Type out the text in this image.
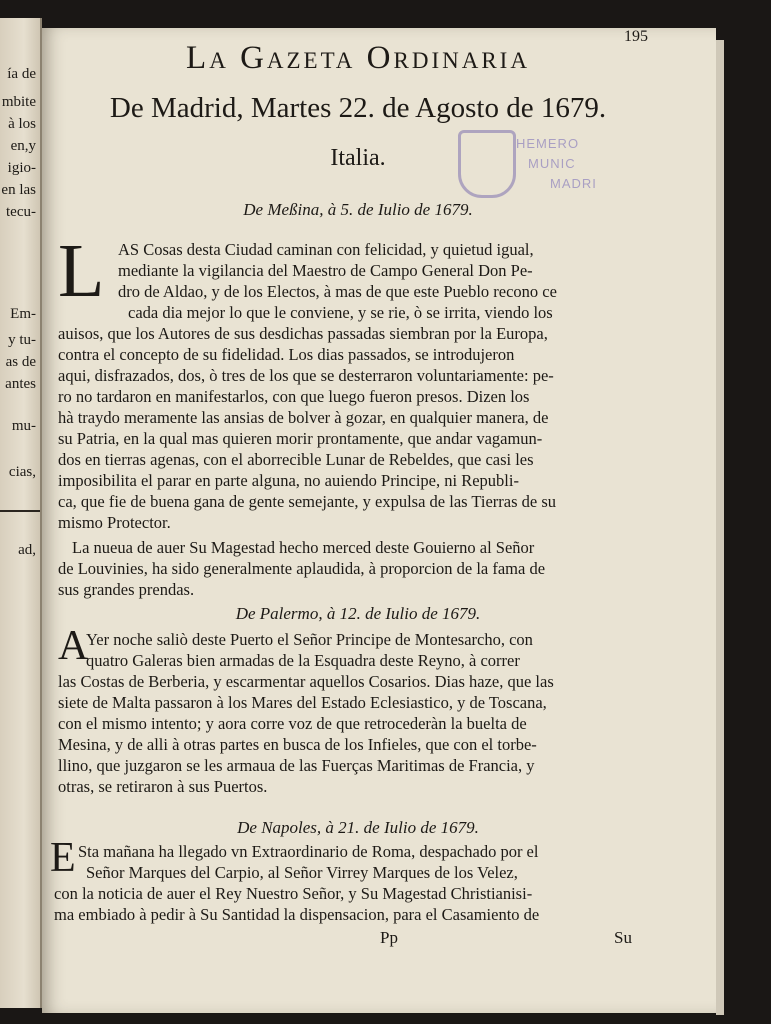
ía de
mbite
à los
en,y
igio-
en las
tecu-
Em-
y tu-
as de
antes
mu-
cias,
ad,
195
La Gazeta Ordinaria
De Madrid, Martes 22. de Agosto de 1679.
Italia.
HEMERO
MUNIC
MADRI
De Meßina, à 5. de Iulio de 1679.
L AS Cosas desta Ciudad caminan con felicidad, y quietud igual,
mediante la vigilancia del Maestro de Campo General Don Pe-
dro de Aldao, y de los Electos, à mas de que este Pueblo recono ce
cada dia mejor lo que le conviene, y se rie, ò se irrita, viendo los
auisos, que los Autores de sus desdichas passadas siembran por la Europa,
contra el concepto de su fidelidad. Los dias passados, se introdujeron
aqui, disfrazados, dos, ò tres de los que se desterraron voluntariamente: pe-
ro no tardaron en manifestarlos, con que luego fueron presos. Dizen los
hà traydo meramente las ansias de bolver à gozar, en qualquier manera, de
su Patria, en la qual mas quieren morir prontamente, que andar vagamun-
dos en tierras agenas, con el aborrecible Lunar de Rebeldes, que casi les
imposibilita el parar en parte alguna, no auiendo Principe, ni Republi-
ca, que fie de buena gana de gente semejante, y expulsa de las Tierras de su
mismo Protector.
La nueua de auer Su Magestad hecho merced deste Gouierno al Señor
de Louvinies, ha sido generalmente aplaudida, à proporcion de la fama de
sus grandes prendas.
De Palermo, à 12. de Iulio de 1679.
A
Yer noche saliò deste Puerto el Señor Principe de Montesarcho, con
quatro Galeras bien armadas de la Esquadra deste Reyno, à correr
las Costas de Berberia, y escarmentar aquellos Cosarios. Dias haze, que las
siete de Malta passaron à los Mares del Estado Eclesiastico, y de Toscana,
con el mismo intento; y aora corre voz de que retrocederàn la buelta de
Mesina, y de alli à otras partes en busca de los Infieles, que con el torbe-
llino, que juzgaron se les armaua de las Fuerças Maritimas de Francia, y
otras, se retiraron à sus Puertos.
De Napoles, à 21. de Iulio de 1679.
E Sta mañana ha llegado vn Extraordinario de Roma, despachado por el
Señor Marques del Carpio, al Señor Virrey Marques de los Velez,
con la noticia de auer el Rey Nuestro Señor, y Su Magestad Christianisi-
ma embiado à pedir à Su Santidad la dispensacion, para el Casamiento de
Pp	Su
